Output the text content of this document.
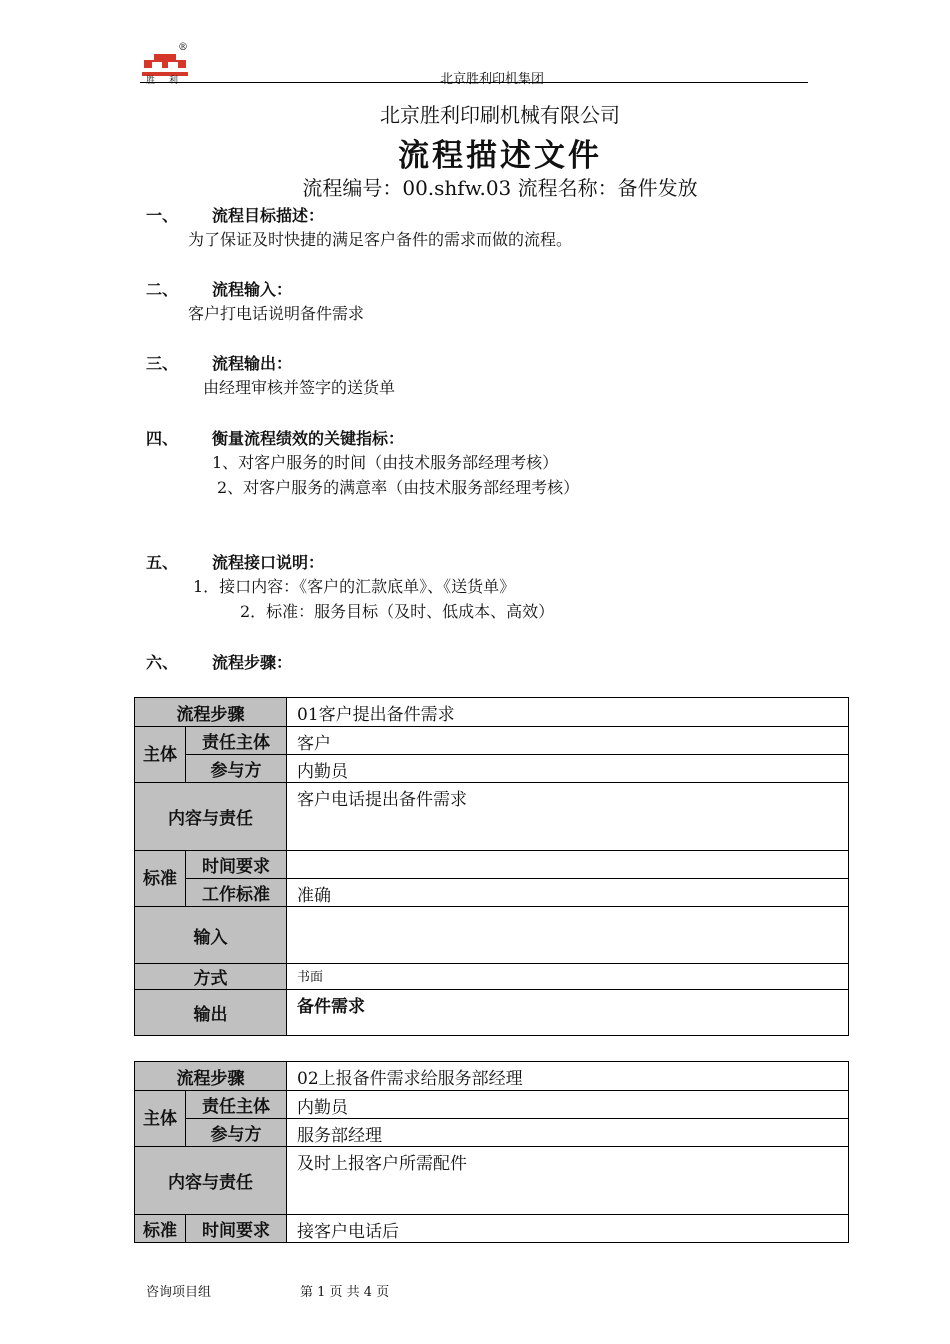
胜利
®
北京胜利印机集团
北京胜利印刷机械有限公司
流程描述文件
流程编号：00.shfw.03 流程名称：备件发放
一、 流程目标描述：
为了保证及时快捷的满足客户备件的需求而做的流程。
二、 流程输入：
客户打电话说明备件需求
三、 流程输出：
由经理审核并签字的送货单
四、 衡量流程绩效的关键指标：
1、对客户服务的时间（由技术服务部经理考核）
2、对客户服务的满意率（由技术服务部经理考核）
五、 流程接口说明：
1．接口内容：《客户的汇款底单》、《送货单》
2．标准：服务目标（及时、低成本、高效）
六、 流程步骤：
流程步骤		01客户提出备件需求
主体	责任主体	客户
	参与方	内勤员
内容与责任		客户电话提出备件需求
标准	时间要求	
	工作标准	准确
输入		
方式		书面
输出		备件需求
流程步骤		02上报备件需求给服务部经理
主体	责任主体	内勤员
	参与方	服务部经理
内容与责任		及时上报客户所需配件
标准	时间要求	接客户电话后
咨询项目组	第 1 页 共 4 页
